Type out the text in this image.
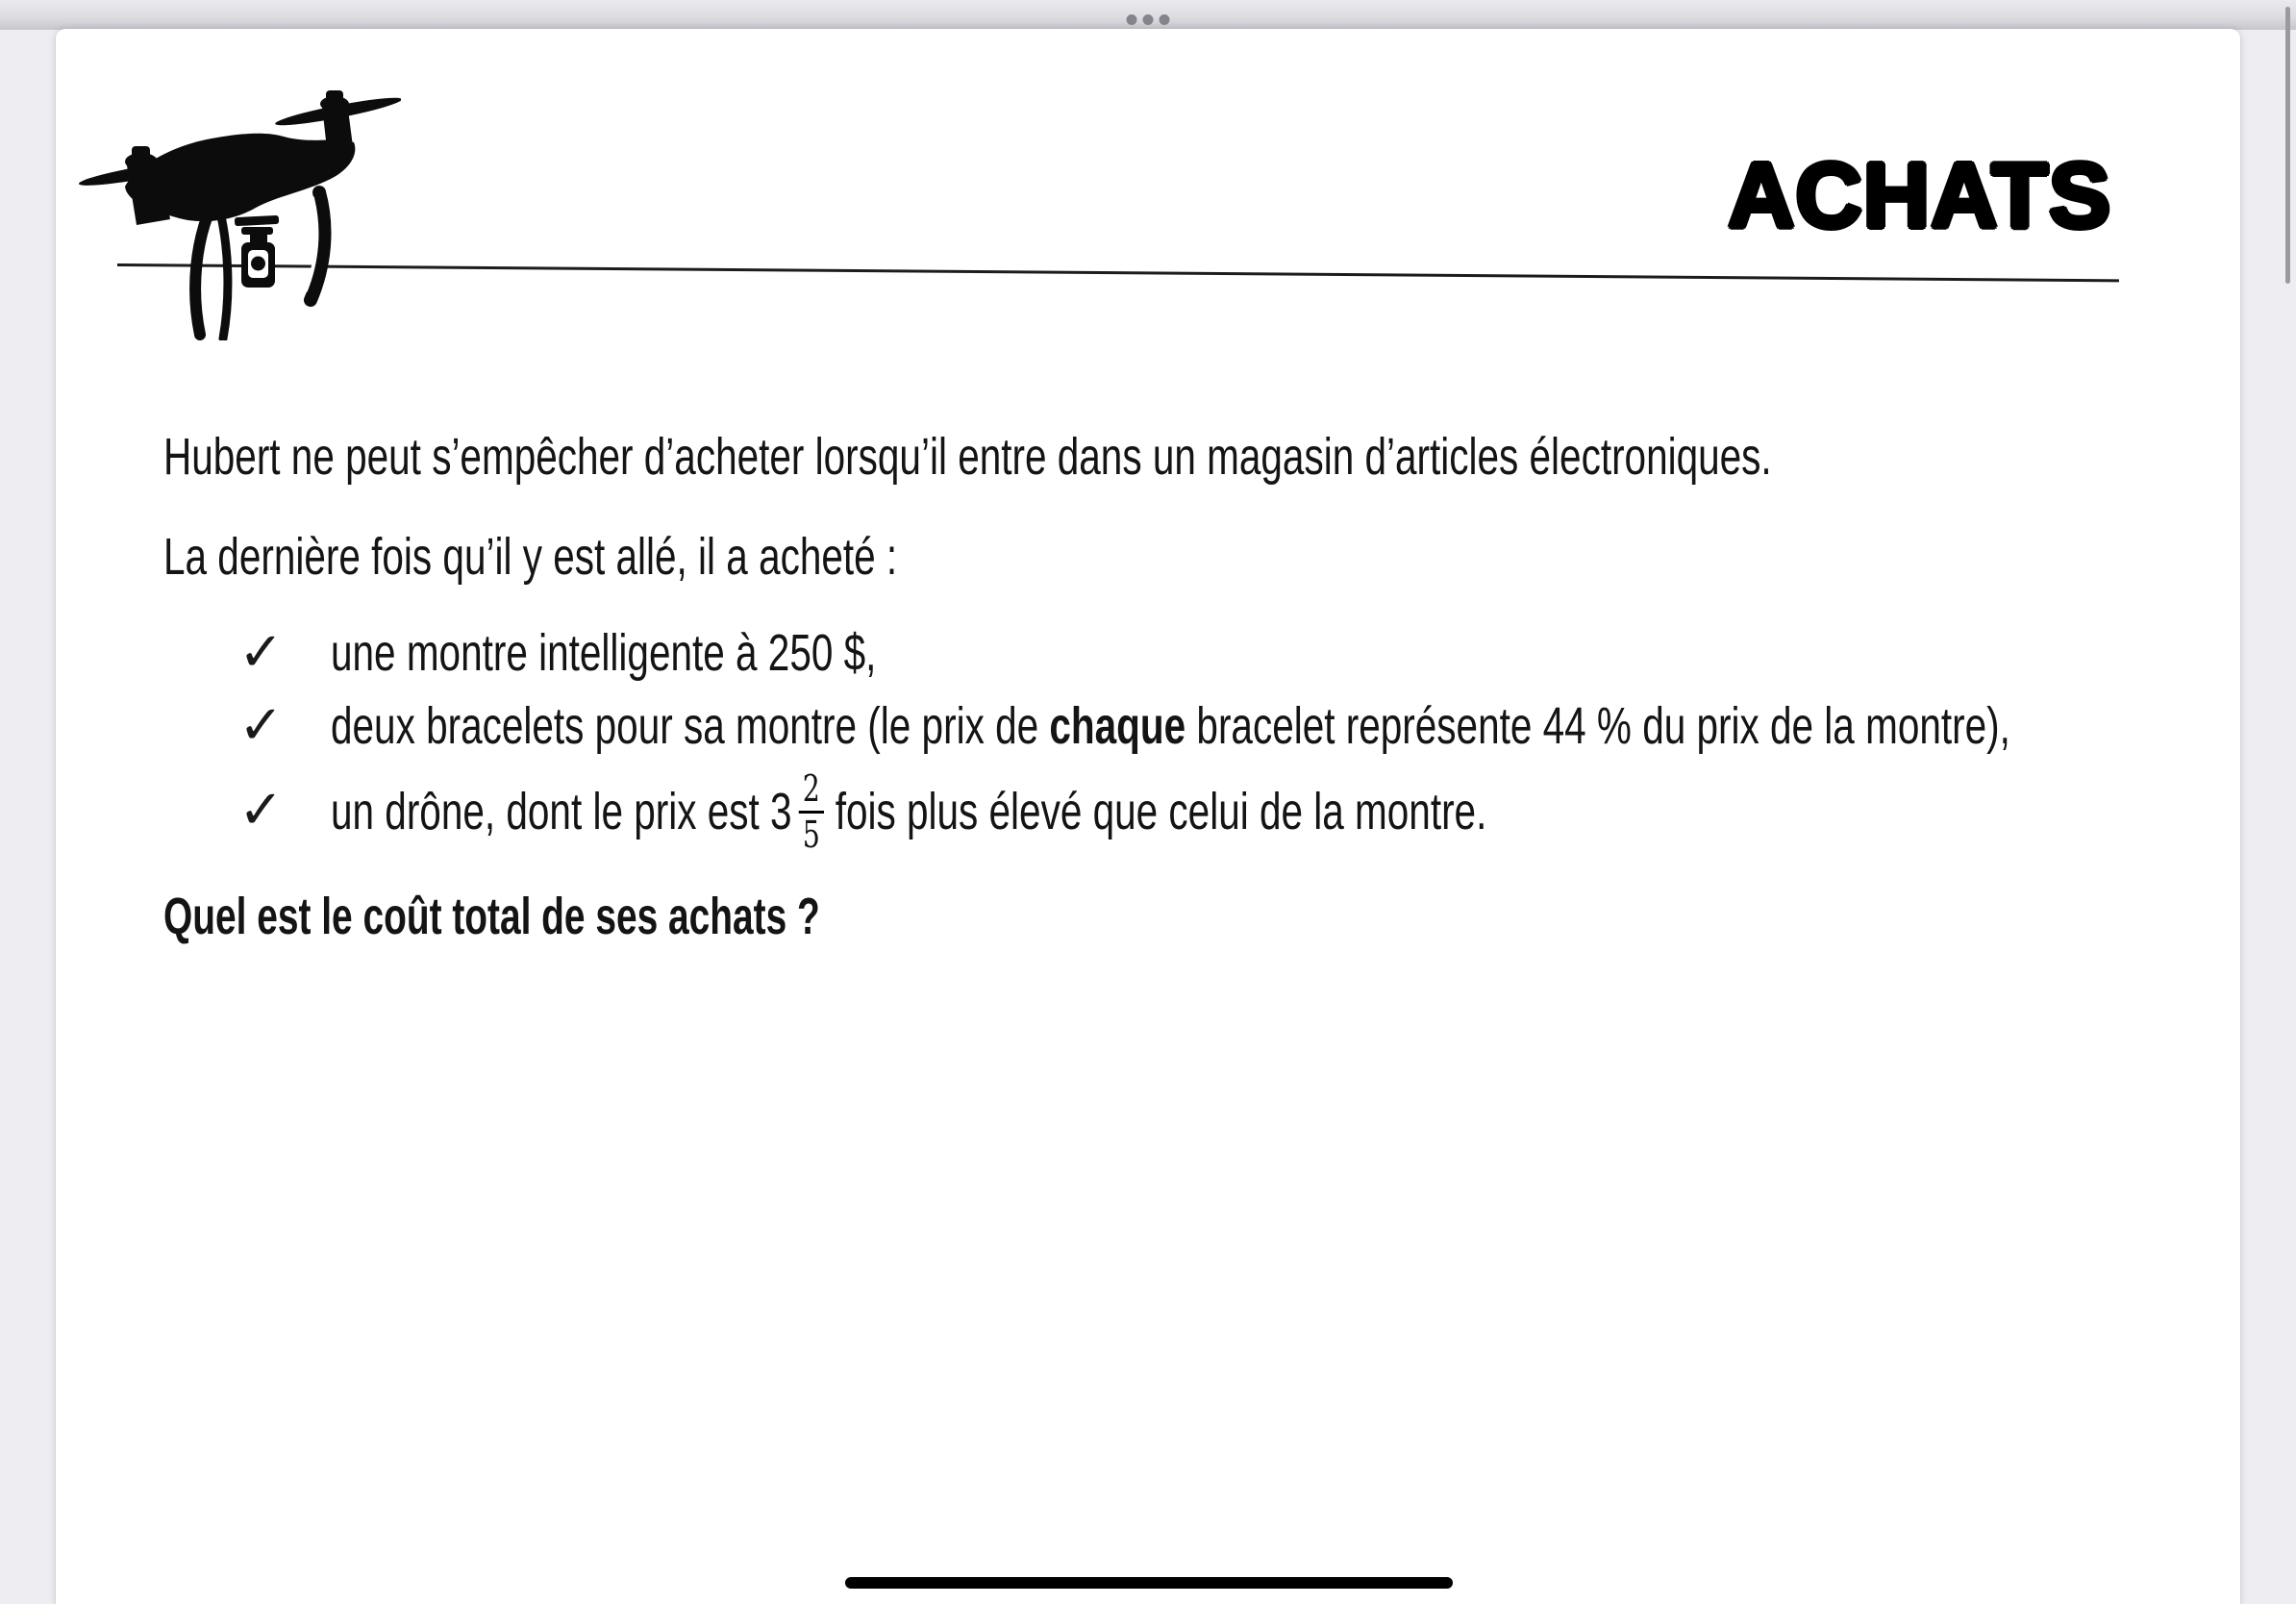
ACHATS

Hubert ne peut s’empêcher d’acheter lorsqu’il entre dans un magasin d’articles électroniques.

La dernière fois qu’il y est allé, il a acheté :

✓ une montre intelligente à 250 $,
✓ deux bracelets pour sa montre (le prix de chaque bracelet représente 44 % du prix de la montre),
✓ un drône, dont le prix est $3 \frac{2}{5}$ fois plus élevé que celui de la montre.

Quel est le coût total de ses achats ?
